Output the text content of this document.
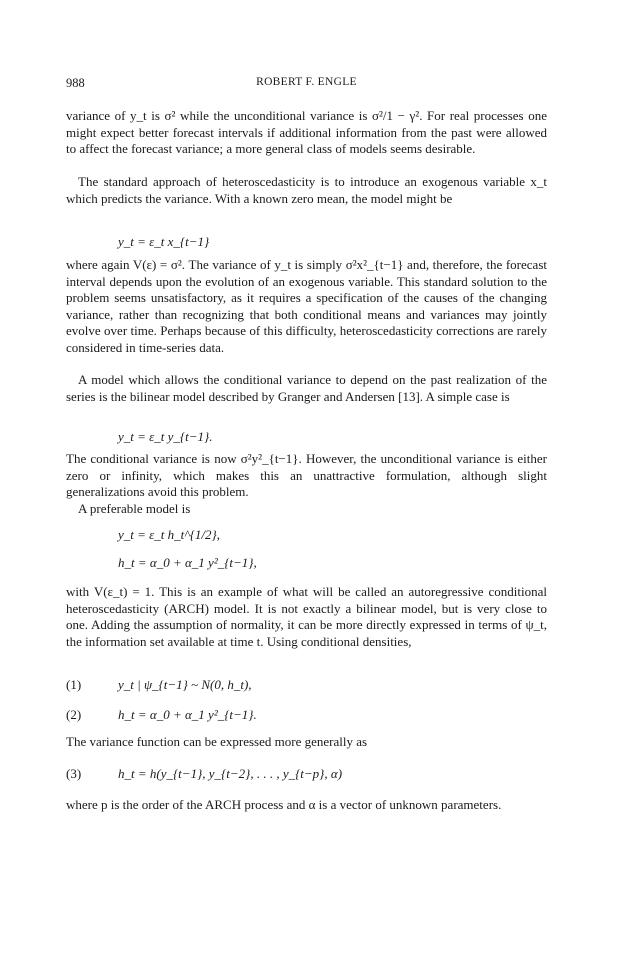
988	ROBERT F. ENGLE

variance of y_t is σ² while the unconditional variance is σ²/1 − γ². For real processes one might expect better forecast intervals if additional information from the past were allowed to affect the forecast variance; a more general class of models seems desirable.

The standard approach of heteroscedasticity is to introduce an exogenous variable x_t which predicts the variance. With a known zero mean, the model might be

y_t = ε_t x_{t−1}

where again V(ε) = σ². The variance of y_t is simply σ²x²_{t−1} and, therefore, the forecast interval depends upon the evolution of an exogenous variable. This standard solution to the problem seems unsatisfactory, as it requires a specification of the causes of the changing variance, rather than recognizing that both conditional means and variances may jointly evolve over time. Perhaps because of this difficulty, heteroscedasticity corrections are rarely considered in time-series data.

A model which allows the conditional variance to depend on the past realization of the series is the bilinear model described by Granger and Andersen [13]. A simple case is

y_t = ε_t y_{t−1}.

The conditional variance is now σ²y²_{t−1}. However, the unconditional variance is either zero or infinity, which makes this an unattractive formulation, although slight generalizations avoid this problem.

A preferable model is

y_t = ε_t h_t^{1/2},
h_t = α_0 + α_1 y²_{t−1},

with V(ε_t) = 1. This is an example of what will be called an autoregressive conditional heteroscedasticity (ARCH) model. It is not exactly a bilinear model, but is very close to one. Adding the assumption of normality, it can be more directly expressed in terms of ψ_t, the information set available at time t. Using conditional densities,

(1)	y_t | ψ_{t−1} ~ N(0, h_t),
(2)	h_t = α_0 + α_1 y²_{t−1}.

The variance function can be expressed more generally as

(3)	h_t = h(y_{t−1}, y_{t−2}, . . . , y_{t−p}, α)

where p is the order of the ARCH process and α is a vector of unknown parameters.
